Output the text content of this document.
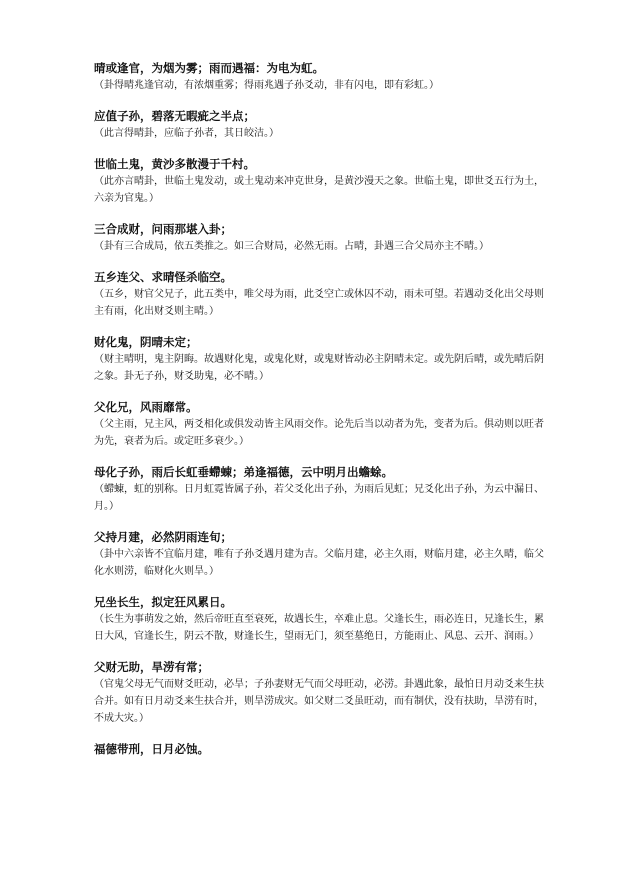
晴或逢官，为烟为雾；雨而遇福：为电为虹。

（卦得晴兆逢官动，有浓烟重雾；得雨兆遇子孙爻动，非有闪电，即有彩虹。）

应值子孙，碧落无暇疵之半点；

（此言得晴卦，应临子孙者，其日皎洁。）

世临土鬼，黄沙多散漫于千村。

（此亦言晴卦，世临土鬼发动，或土鬼动来冲克世身，是黄沙漫天之象。世临土鬼，即世爻五行为土，六亲为官鬼。）

三合成财，问雨那堪入卦；

（卦有三合成局，依五类推之。如三合财局，必然无雨。占晴，卦遇三合父局亦主不晴。）

五乡连父、求晴怪杀临空。

（五乡，财官父兄子，此五类中，唯父母为雨，此爻空亡或休囚不动，雨未可望。若遇动爻化出父母则主有雨，化出财爻则主晴。）

财化鬼，阴晴未定；

（财主晴明，鬼主阴晦。故遇财化鬼，或鬼化财，或鬼财皆动必主阴晴未定。或先阴后晴，或先晴后阴之象。卦无子孙，财爻助鬼，必不晴。）

父化兄，风雨靡常。

（父主雨，兄主风，两爻相化或俱发动皆主风雨交作。论先后当以动者为先，变者为后。俱动则以旺者为先，衰者为后。或定旺多衰少。）

母化子孙，雨后长虹垂螮蝀；弟逢福德，云中明月出蟾蜍。

（螮蝀，虹的别称。日月虹霓皆属子孙，若父爻化出子孙，为雨后见虹；兄爻化出子孙，为云中漏日、月。）

父持月建，必然阴雨连旬；

（卦中六亲皆不宜临月建，唯有子孙爻遇月建为吉。父临月建，必主久雨，财临月建，必主久晴，临父化水则涝，临财化火则旱。）

兄坐长生，拟定狂风累日。

（长生为事萌发之始，然后帝旺直至衰死，故遇长生，卒难止息。父逢长生，雨必连日，兄逢长生，累日大风，官逢长生，阴云不散，财逢长生，望雨无门，须至墓绝日，方能雨止、风息、云开、润雨。）

父财无助，旱涝有常；

（官鬼父母无气而财爻旺动，必旱；子孙妻财无气而父母旺动，必涝。卦遇此象，最怕日月动爻来生扶合并。如有日月动爻来生扶合并，则旱涝成灾。如父财二爻虽旺动，而有制伏，没有扶助，旱涝有时，不成大灾。）

福德带刑，日月必蚀。
